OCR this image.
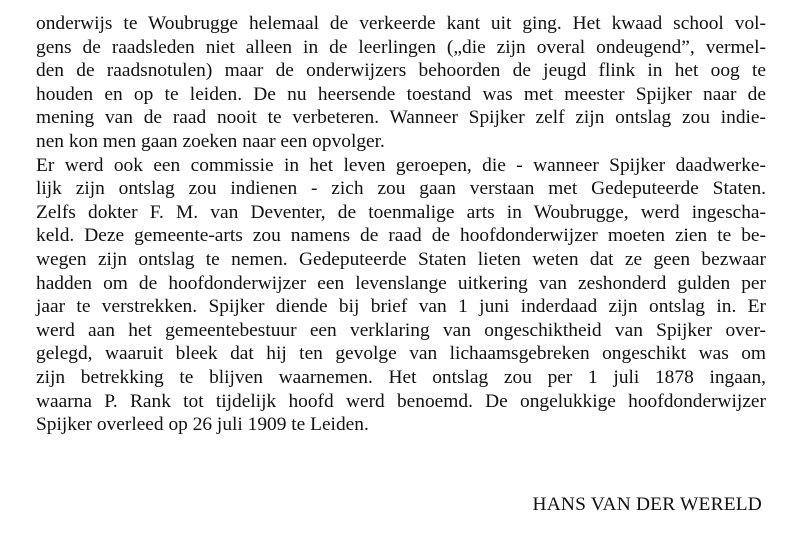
onderwijs te Woubrugge helemaal de verkeerde kant uit ging. Het kwaad school vol-
gens de raadsleden niet alleen in de leerlingen („die zijn overal ondeugend”, vermel-
den de raadsnotulen) maar de onderwijzers behoorden de jeugd flink in het oog te
houden en op te leiden. De nu heersende toestand was met meester Spijker naar de
mening van de raad nooit te verbeteren. Wanneer Spijker zelf zijn ontslag zou indie-
nen kon men gaan zoeken naar een opvolger.
Er werd ook een commissie in het leven geroepen, die - wanneer Spijker daadwerke-
lijk zijn ontslag zou indienen - zich zou gaan verstaan met Gedeputeerde Staten.
Zelfs dokter F. M. van Deventer, de toenmalige arts in Woubrugge, werd ingescha-
keld. Deze gemeente-arts zou namens de raad de hoofdonderwijzer moeten zien te be-
wegen zijn ontslag te nemen. Gedeputeerde Staten lieten weten dat ze geen bezwaar
hadden om de hoofdonderwijzer een levenslange uitkering van zeshonderd gulden per
jaar te verstrekken. Spijker diende bij brief van 1 juni inderdaad zijn ontslag in. Er
werd aan het gemeentebestuur een verklaring van ongeschiktheid van Spijker over-
gelegd, waaruit bleek dat hij ten gevolge van lichaamsgebreken ongeschikt was om
zijn betrekking te blijven waarnemen. Het ontslag zou per 1 juli 1878 ingaan,
waarna P. Rank tot tijdelijk hoofd werd benoemd. De ongelukkige hoofdonderwijzer
Spijker overleed op 26 juli 1909 te Leiden.
HANS VAN DER WERELD
